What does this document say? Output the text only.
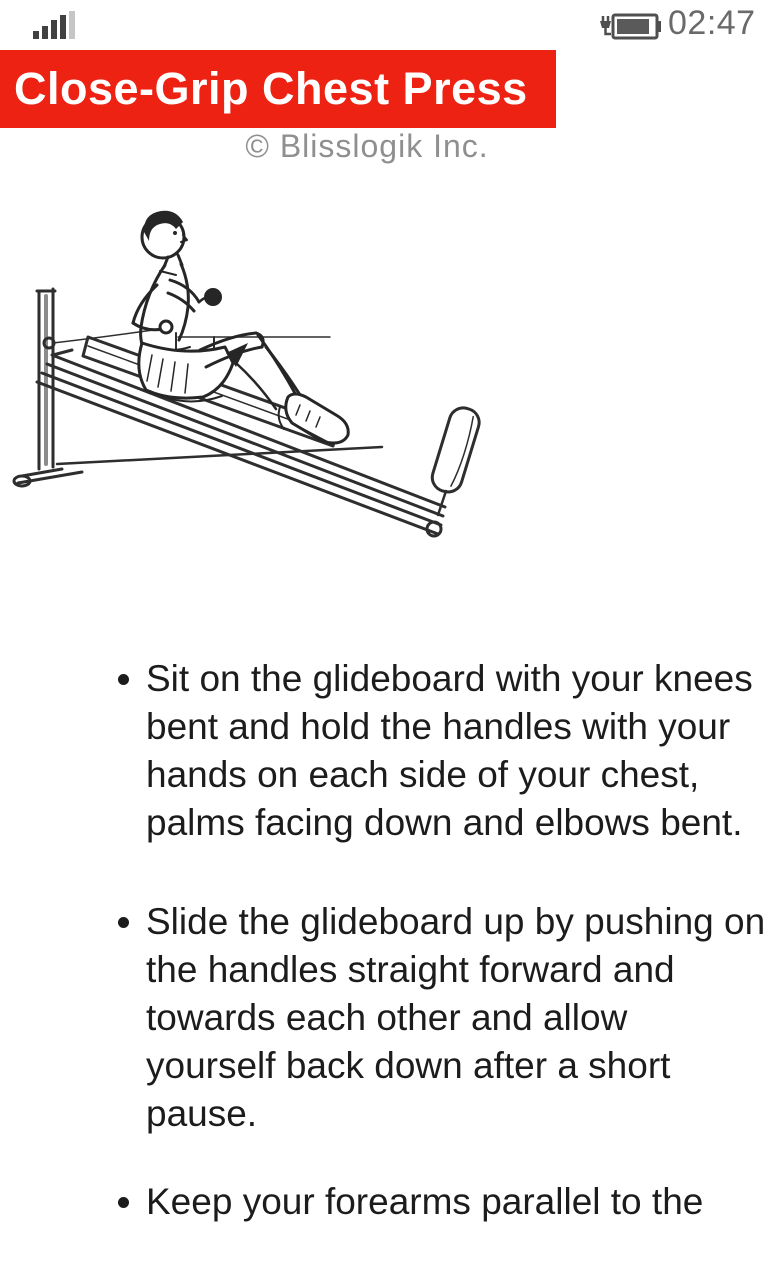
02:47
Close-Grip Chest Press
© Blisslogik Inc.
Sit on the glideboard with your knees bent and hold the handles with your hands on each side of your chest, palms facing down and elbows bent.
Slide the glideboard up by pushing on the handles straight forward and towards each other and allow yourself back down after a short pause.
Keep your forearms parallel to the
